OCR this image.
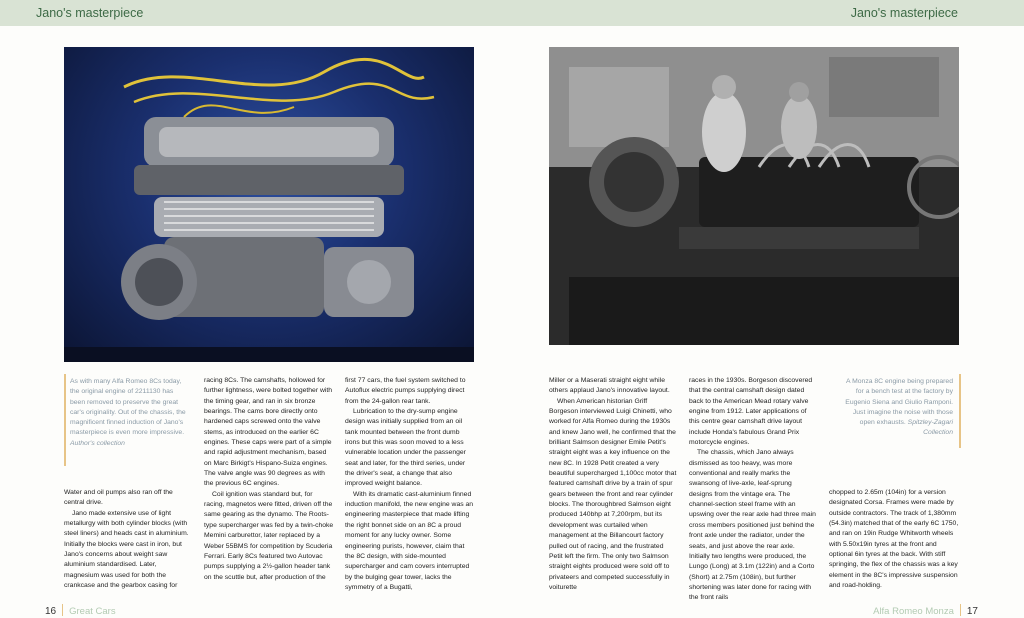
Jano's masterpiece	Jano's masterpiece
As with many Alfa Romeo 8Cs today, the original engine of 2211130 has been removed to preserve the great car's originality. Out of the chassis, the magnificent finned induction of Jano's masterpiece is even more impressive. Author's collection
A Monza 8C engine being prepared for a bench test at the factory by Eugenio Siena and Giulio Ramponi. Just imagine the noise with those open exhausts. Spitzley-Zagari Collection

Water and oil pumps also ran off the central drive.

Jano made extensive use of light metallurgy with both cylinder blocks (with steel liners) and heads cast in aluminium. Initially the blocks were cast in iron, but Jano's concerns about weight saw aluminium standardised. Later, magnesium was used for both the crankcase and the gearbox casing for

racing 8Cs. The camshafts, hollowed for further lightness, were bolted together with the timing gear, and ran in six bronze bearings. The cams bore directly onto hardened caps screwed onto the valve stems, as introduced on the earlier 6C engines. These caps were part of a simple and rapid adjustment mechanism, based on Marc Birkigt's Hispano-Suiza engines. The valve angle was 90 degrees as with the previous 6C engines.

Coil ignition was standard but, for racing, magnetos were fitted, driven off the same gearing as the dynamo. The Roots-type supercharger was fed by a twin-choke Memini carburettor, later replaced by a Weber 55BMS for competition by Scuderia Ferrari. Early 8Cs featured two Autovac pumps supplying a 2½-gallon header tank on the scuttle but, after production of the

first 77 cars, the fuel system switched to Autoflux electric pumps supplying direct from the 24-gallon rear tank.

Lubrication to the dry-sump engine design was initially supplied from an oil tank mounted between the front dumb irons but this was soon moved to a less vulnerable location under the passenger seat and later, for the third series, under the driver's seat, a change that also improved weight balance.

With its dramatic cast-aluminium finned induction manifold, the new engine was an engineering masterpiece that made lifting the right bonnet side on an 8C a proud moment for any lucky owner. Some engineering purists, however, claim that the 8C design, with side-mounted supercharger and cam covers interrupted by the bulging gear tower, lacks the symmetry of a Bugatti,

Miller or a Maserati straight eight while others applaud Jano's innovative layout.

When American historian Griff Borgeson interviewed Luigi Chinetti, who worked for Alfa Romeo during the 1930s and knew Jano well, he confirmed that the brilliant Salmson designer Emile Petit's straight eight was a key influence on the new 8C. In 1928 Petit created a very beautiful supercharged 1,100cc motor that featured camshaft drive by a train of spur gears between the front and rear cylinder blocks. The thoroughbred Salmson eight produced 140bhp at 7,200rpm, but its development was curtailed when management at the Billancourt factory pulled out of racing, and the frustrated Petit left the firm. The only two Salmson straight eights produced were sold off to privateers and competed successfully in voiturette

races in the 1930s. Borgeson discovered that the central camshaft design dated back to the American Mead rotary valve engine from 1912. Later applications of this centre gear camshaft drive layout include Honda's fabulous Grand Prix motorcycle engines.

The chassis, which Jano always dismissed as too heavy, was more conventional and really marks the swansong of live-axle, leaf-sprung designs from the vintage era. The channel-section steel frame with an upswing over the rear axle had three main cross members positioned just behind the front axle under the radiator, under the seats, and just above the rear axle. Initially two lengths were produced, the Lungo (Long) at 3.1m (122in) and a Corto (Short) at 2.75m (108in), but further shortening was later done for racing with the front rails

chopped to 2.65m (104in) for a version designated Corsa. Frames were made by outside contractors. The track of 1,380mm (54.3in) matched that of the early 6C 1750, and ran on 19in Rudge Whitworth wheels with 5.50x19in tyres at the front and optional 6in tyres at the back. With stiff springing, the flex of the chassis was a key element in the 8C's impressive suspension and road-holding.

16 Great Cars	Alfa Romeo Monza 17
